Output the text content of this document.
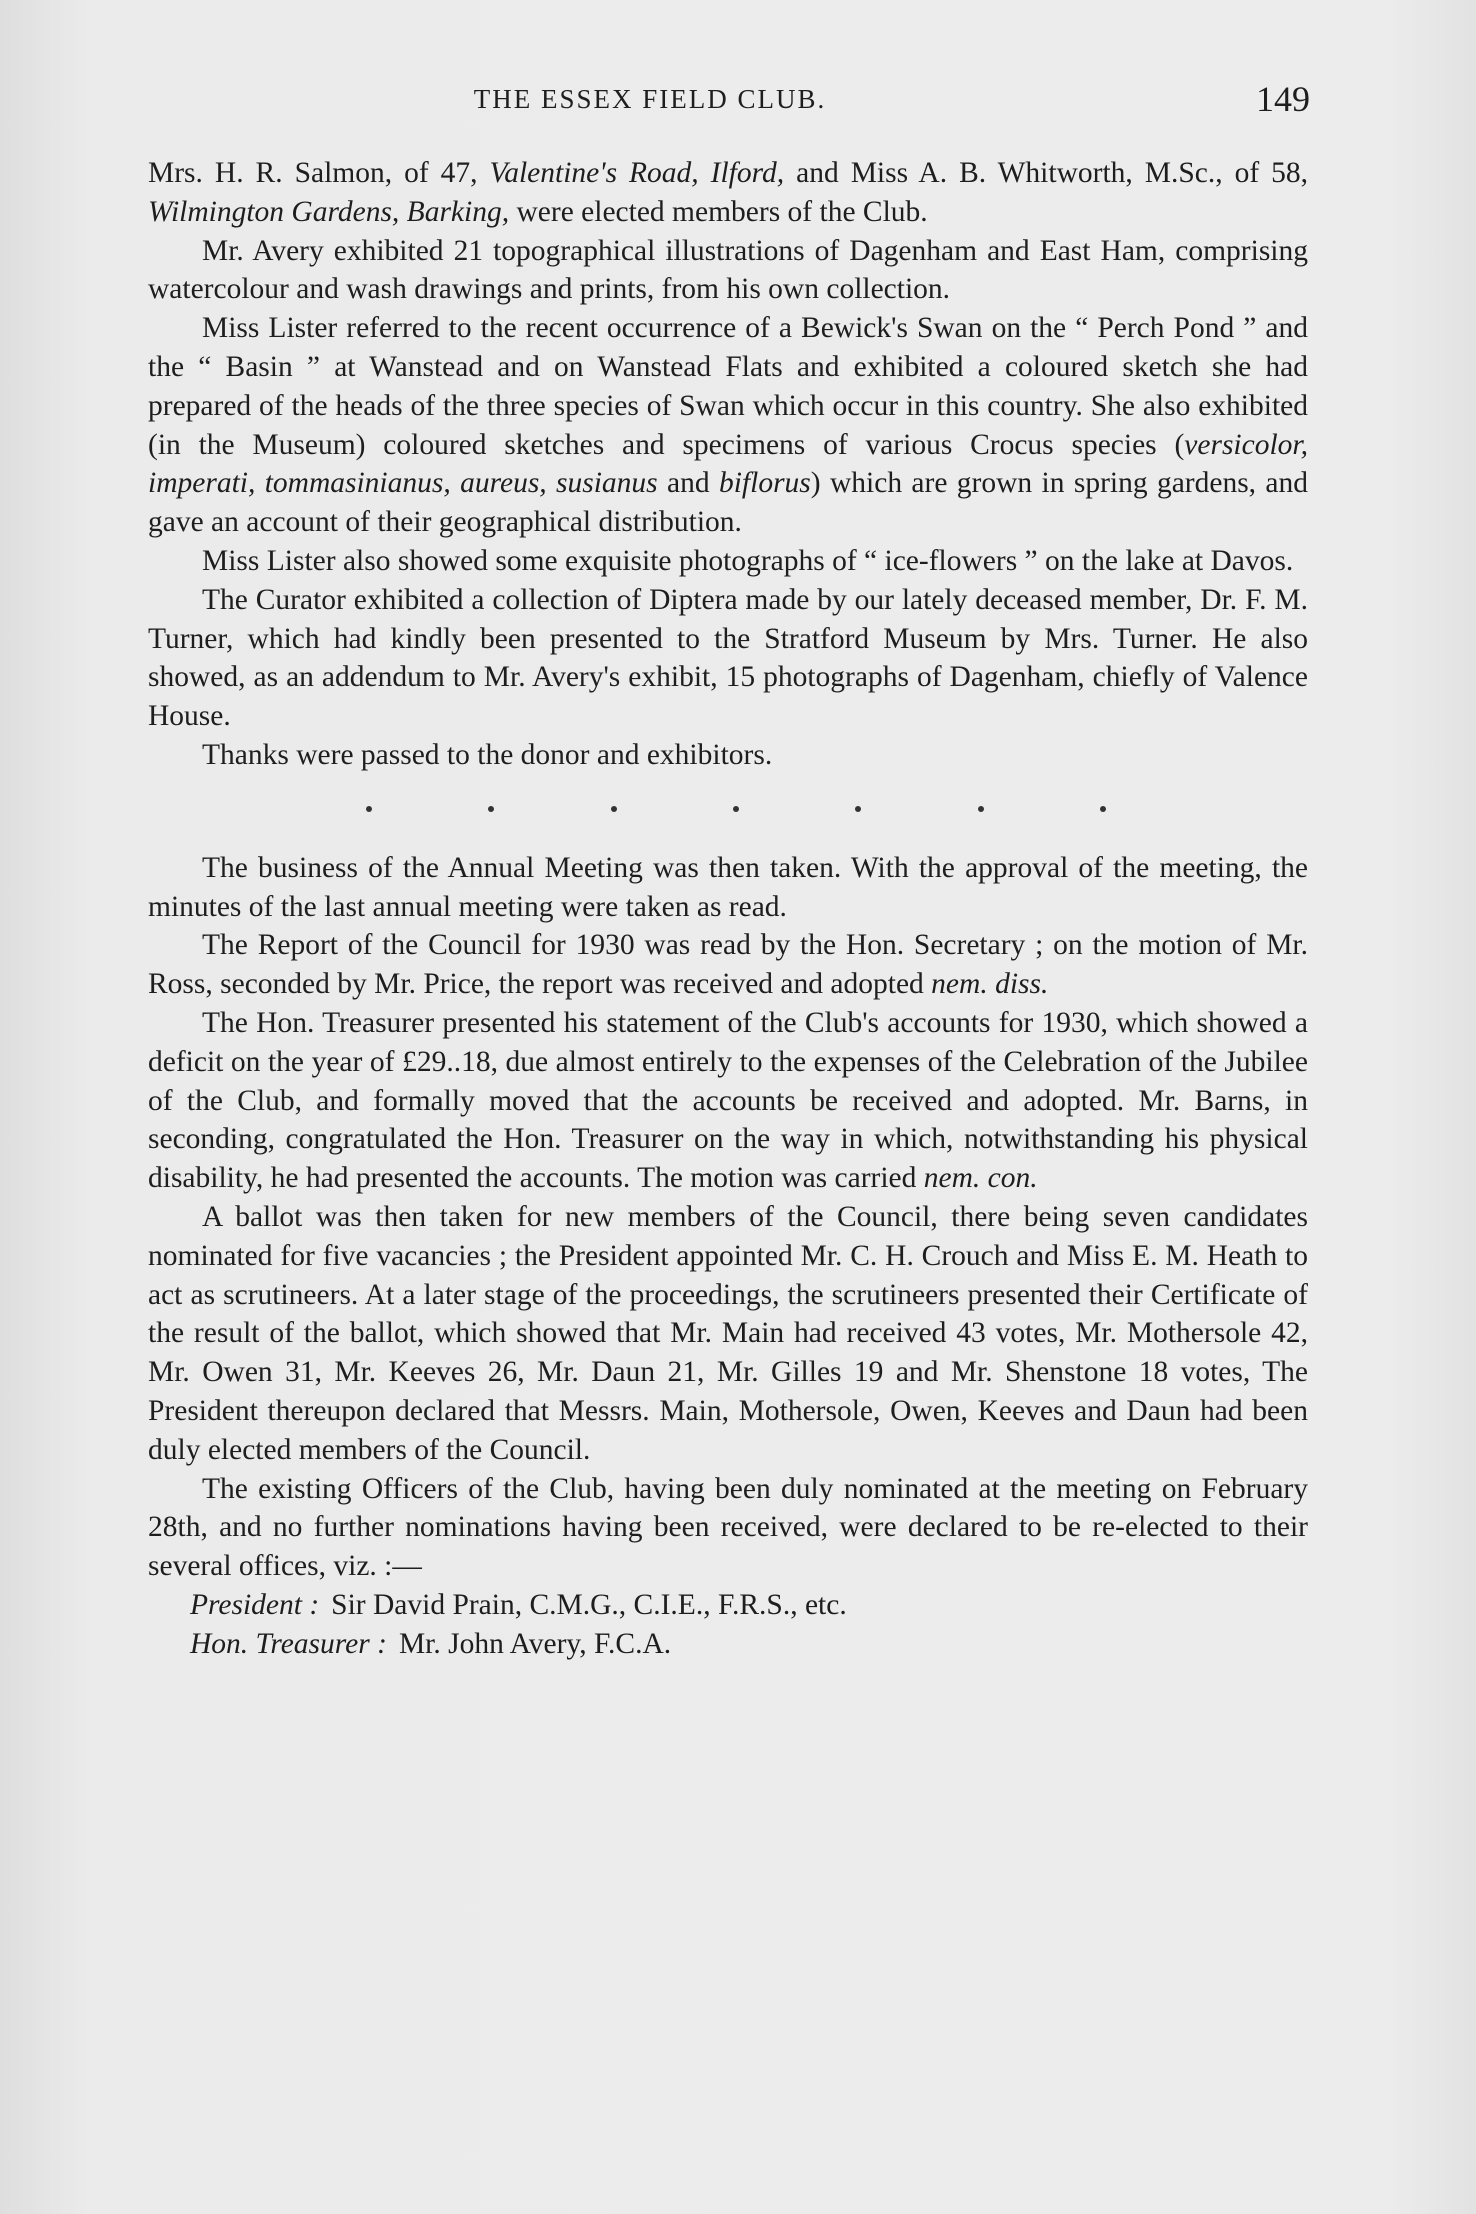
THE ESSEX FIELD CLUB.	149

Mrs. H. R. Salmon, of 47, Valentine's Road, Ilford, and Miss A. B. Whitworth, M.Sc., of 58, Wilmington Gardens, Barking, were elected members of the Club.

Mr. Avery exhibited 21 topographical illustrations of Dagenham and East Ham, comprising watercolour and wash drawings and prints, from his own collection.

Miss Lister referred to the recent occurrence of a Bewick's Swan on the “ Perch Pond ” and the “ Basin ” at Wanstead and on Wanstead Flats and exhibited a coloured sketch she had prepared of the heads of the three species of Swan which occur in this country. She also exhibited (in the Museum) coloured sketches and specimens of various Crocus species (versicolor, imperati, tommasinianus, aureus, susianus and biflorus) which are grown in spring gardens, and gave an account of their geographical distribution.

Miss Lister also showed some exquisite photographs of “ ice-flowers ” on the lake at Davos.

The Curator exhibited a collection of Diptera made by our lately deceased member, Dr. F. M. Turner, which had kindly been presented to the Stratford Museum by Mrs. Turner. He also showed, as an addendum to Mr. Avery's exhibit, 15 photographs of Dagenham, chiefly of Valence House.

Thanks were passed to the donor and exhibitors.

The business of the Annual Meeting was then taken. With the approval of the meeting, the minutes of the last annual meeting were taken as read.

The Report of the Council for 1930 was read by the Hon. Secretary ; on the motion of Mr. Ross, seconded by Mr. Price, the report was received and adopted nem. diss.

The Hon. Treasurer presented his statement of the Club's accounts for 1930, which showed a deficit on the year of £29..18, due almost entirely to the expenses of the Celebration of the Jubilee of the Club, and formally moved that the accounts be received and adopted. Mr. Barns, in seconding, congratulated the Hon. Treasurer on the way in which, notwithstanding his physical disability, he had presented the accounts. The motion was carried nem. con.

A ballot was then taken for new members of the Council, there being seven candidates nominated for five vacancies ; the President appointed Mr. C. H. Crouch and Miss E. M. Heath to act as scrutineers. At a later stage of the proceedings, the scrutineers presented their Certificate of the result of the ballot, which showed that Mr. Main had received 43 votes, Mr. Mothersole 42, Mr. Owen 31, Mr. Keeves 26, Mr. Daun 21, Mr. Gilles 19 and Mr. Shenstone 18 votes, The President thereupon declared that Messrs. Main, Mothersole, Owen, Keeves and Daun had been duly elected members of the Council.

The existing Officers of the Club, having been duly nominated at the meeting on February 28th, and no further nominations having been received, were declared to be re-elected to their several offices, viz. :—

President : Sir David Prain, C.M.G., C.I.E., F.R.S., etc.
Hon. Treasurer : Mr. John Avery, F.C.A.
